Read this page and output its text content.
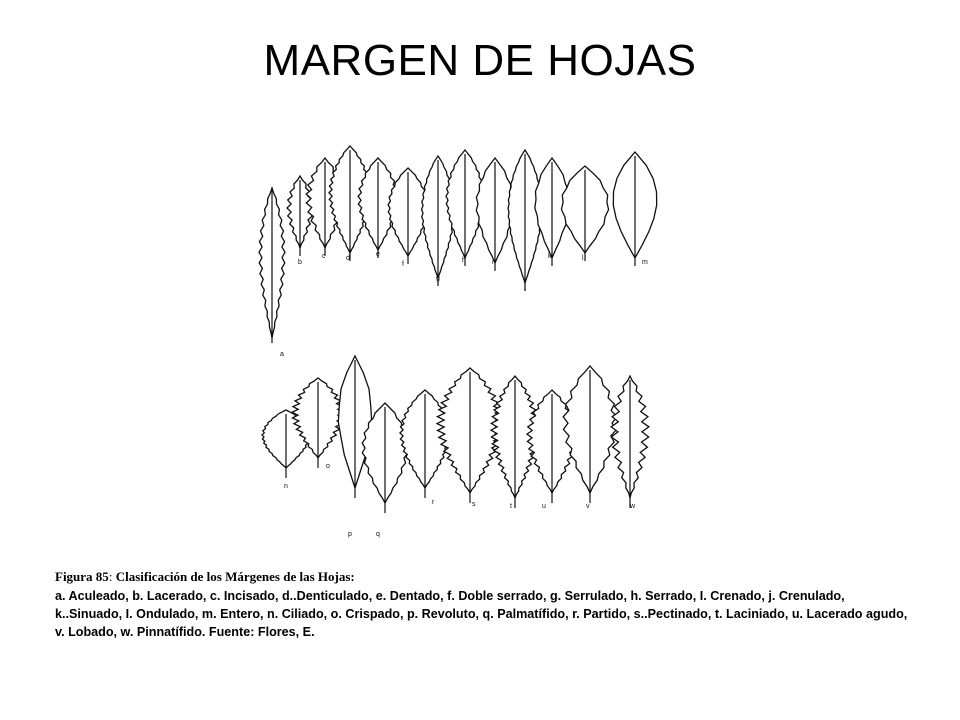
MARGEN DE HOJAS
b
c	d
e
f
g
h	i
j
k	l
m
a
n
o
p	q
r	s	t	u	v	w
Figura 85: Clasificación de los Márgenes de las Hojas:
a. Aculeado, b. Lacerado, c. Incisado, d..Denticulado, e. Dentado, f. Doble serrado, g. Serrulado, h. Serrado, I. Crenado, j. Crenulado, k..Sinuado, I. Ondulado, m. Entero, n. Ciliado, o. Crispado, p. Revoluto, q. Palmatífido, r. Partido, s..Pectinado, t. Laciniado, u. Lacerado agudo, v. Lobado, w. Pinnatífido. Fuente: Flores, E.
